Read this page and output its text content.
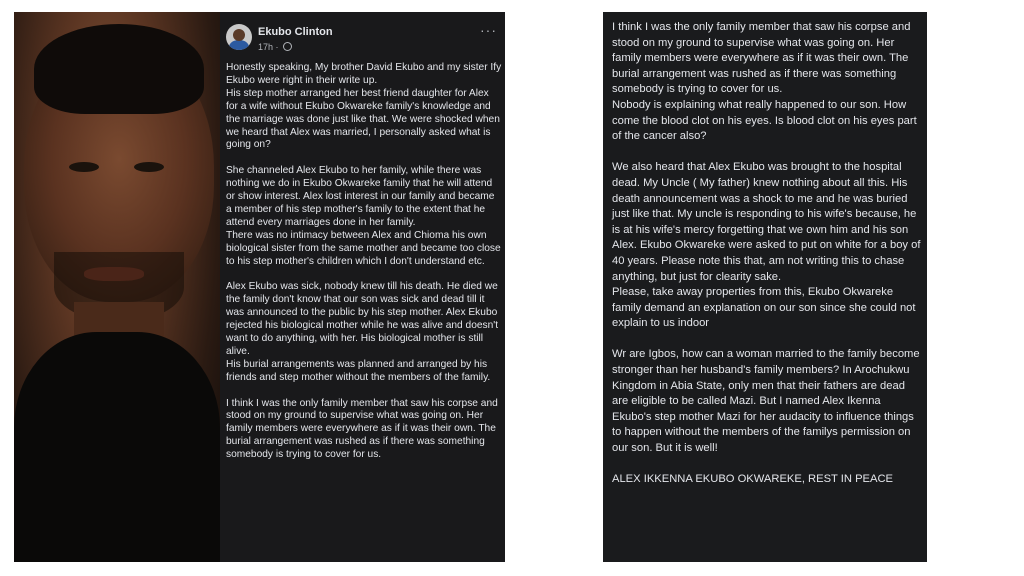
Ekubo Clinton
17h ·
···

Honestly speaking, My brother David Ekubo and my sister Ify Ekubo were right in their write up.
His step mother arranged her best friend daughter for Alex for a wife without Ekubo Okwareke family's knowledge and the marriage was done just like that. We were shocked when we heard that Alex was married, I personally asked what is going on?

She channeled Alex Ekubo to her family, while there was nothing we do in Ekubo Okwareke family that he will attend or show interest. Alex lost interest in our family and became a member of his step mother's family to the extent that he attend every marriages done in her family.
There was no intimacy between Alex and Chioma his own biological sister from the same mother and became too close to his step mother's children which I don't understand etc.

Alex Ekubo was sick, nobody knew till his death. He died we the family don't know that our son was sick and dead till it was announced to the public by his step mother. Alex Ekubo rejected his biological mother while he was alive and doesn't want to do anything, with her. His biological mother is still alive.
His burial arrangements was planned and arranged by his friends and step mother without the members of the family.

I think I was the only family member that saw his corpse and stood on my ground to supervise what was going on. Her family members were everywhere as if it was their own. The burial arrangement was rushed as if there was something somebody is trying to cover for us.

I think I was the only family member that saw his corpse and stood on my ground to supervise what was going on. Her family members were everywhere as if it was their own. The burial arrangement was rushed as if there was something somebody is trying to cover for us.
Nobody is explaining what really happened to our son. How come the blood clot on his eyes. Is blood clot on his eyes part of the cancer also?

We also heard that Alex Ekubo was brought to the hospital dead. My Uncle ( My father) knew nothing about all this. His death announcement was a shock to me and he was buried just like that. My uncle is responding to his wife's because, he is at his wife's mercy forgetting that we own him and his son Alex. Ekubo Okwareke were asked to put on white for a boy of 40 years. Please note this that, am not writing this to chase anything, but just for clearity sake.
Please, take away properties from this, Ekubo Okwareke family demand an explanation on our son since she could not explain to us indoor

Wr are Igbos, how can a woman married to the family become stronger than her husband's family members? In Arochukwu Kingdom in Abia State, only men that their fathers are dead are eligible to be called Mazi. But I named Alex Ikenna Ekubo's step mother Mazi for her audacity to influence things to happen without the members of the familys permission on our son. But it is well!

ALEX IKKENNA EKUBO OKWAREKE, REST IN PEACE
